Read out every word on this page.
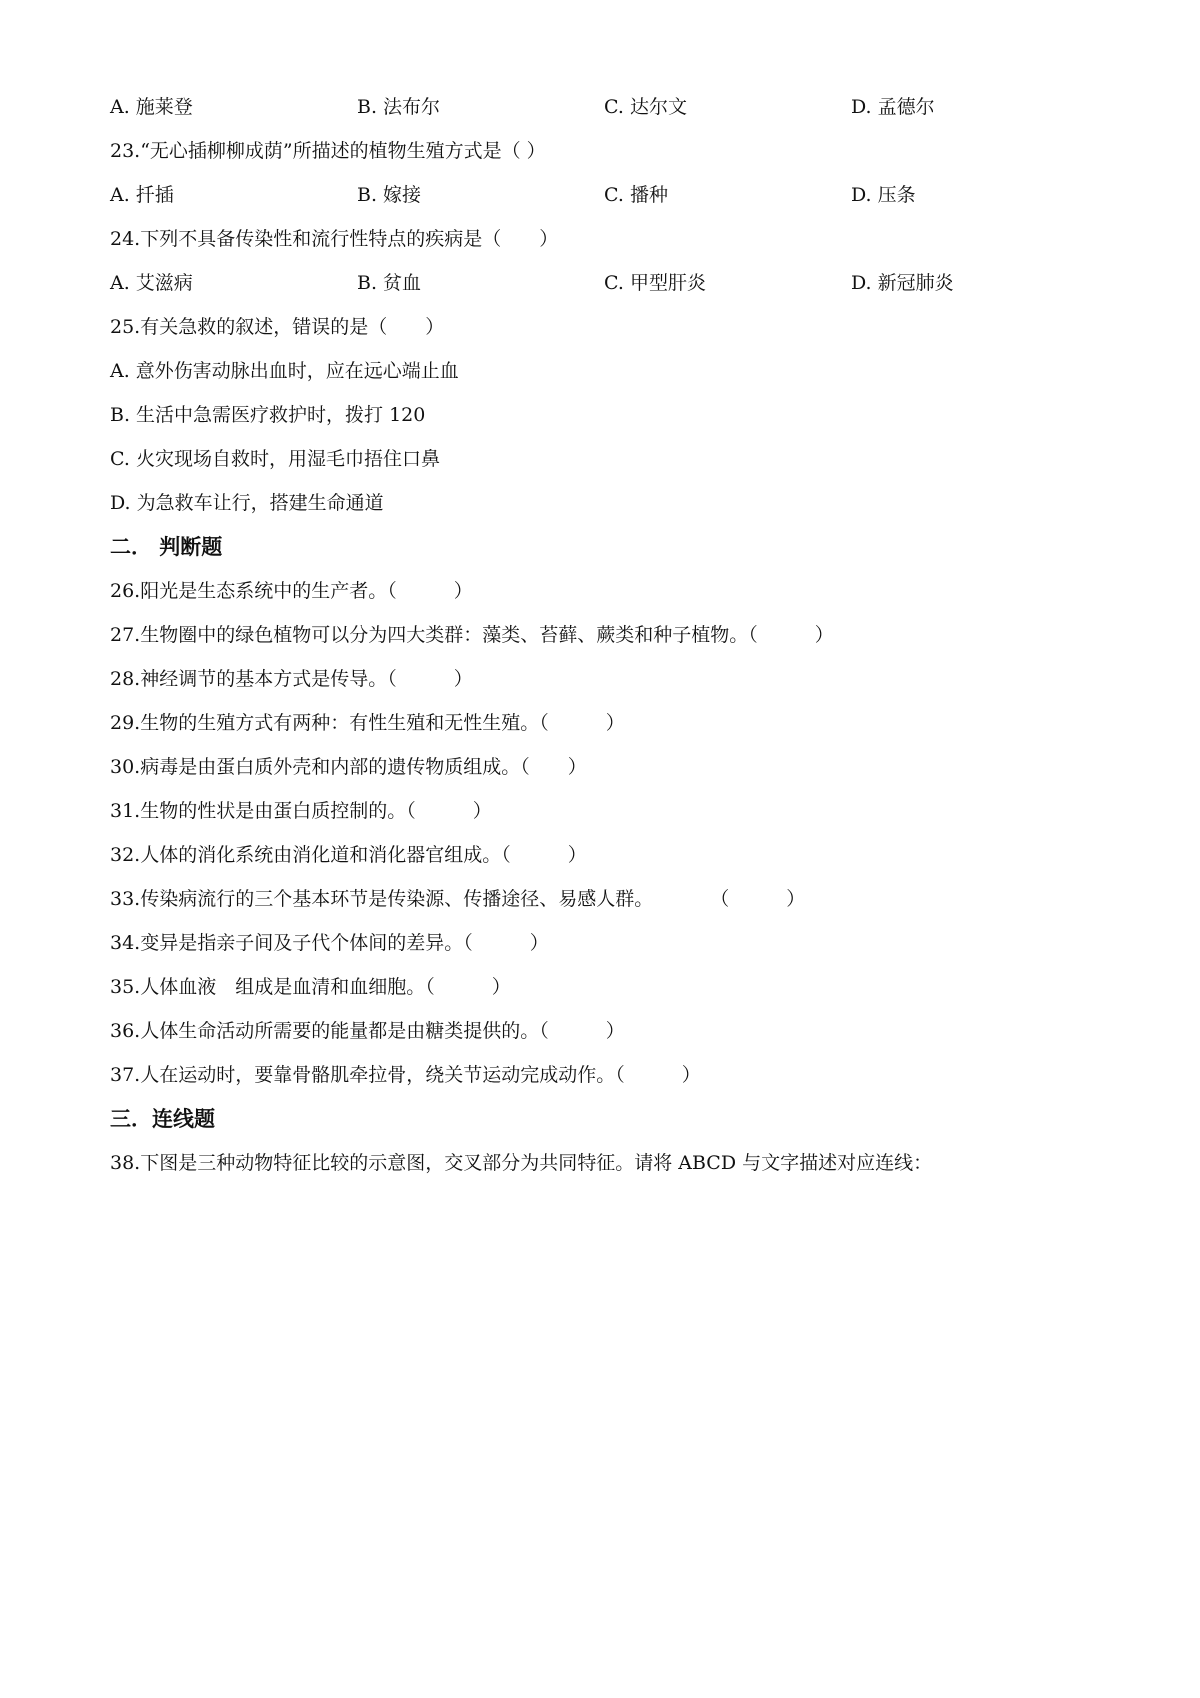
A. 施莱登	B. 法布尔	C. 达尔文	D. 孟德尔
23.“无心插柳柳成荫”所描述的植物生殖方式是（ ）
A. 扦插	B. 嫁接	C. 播种	D. 压条
24.下列不具备传染性和流行性特点的疾病是（　　）
A. 艾滋病	B. 贫血	C. 甲型肝炎	D. 新冠肺炎
25.有关急救的叙述，错误的是（　　）
A. 意外伤害动脉出血时，应在远心端止血
B. 生活中急需医疗救护时，拨打 120
C. 火灾现场自救时，用湿毛巾捂住口鼻
D. 为急救车让行，搭建生命通道
二． 判断题
26.阳光是生态系统中的生产者。（　　　）
27.生物圈中的绿色植物可以分为四大类群：藻类、苔藓、蕨类和种子植物。（　　　）
28.神经调节的基本方式是传导。（　　　）
29.生物的生殖方式有两种：有性生殖和无性生殖。（　　　）
30.病毒是由蛋白质外壳和内部的遗传物质组成。（　　）
31.生物的性状是由蛋白质控制的。（　　　）
32.人体的消化系统由消化道和消化器官组成。（　　　）
33.传染病流行的三个基本环节是传染源、传播途径、易感人群。　　　　（　　　）
34.变异是指亲子间及子代个体间的差异。（　　　）
35.人体血液　组成是血清和血细胞。（　　　）
36.人体生命活动所需要的能量都是由糖类提供的。（　　　）
37.人在运动时，要靠骨骼肌牵拉骨，绕关节运动完成动作。（　　　）
三．连线题
38.下图是三种动物特征比较的示意图，交叉部分为共同特征。请将 ABCD 与文字描述对应连线：
